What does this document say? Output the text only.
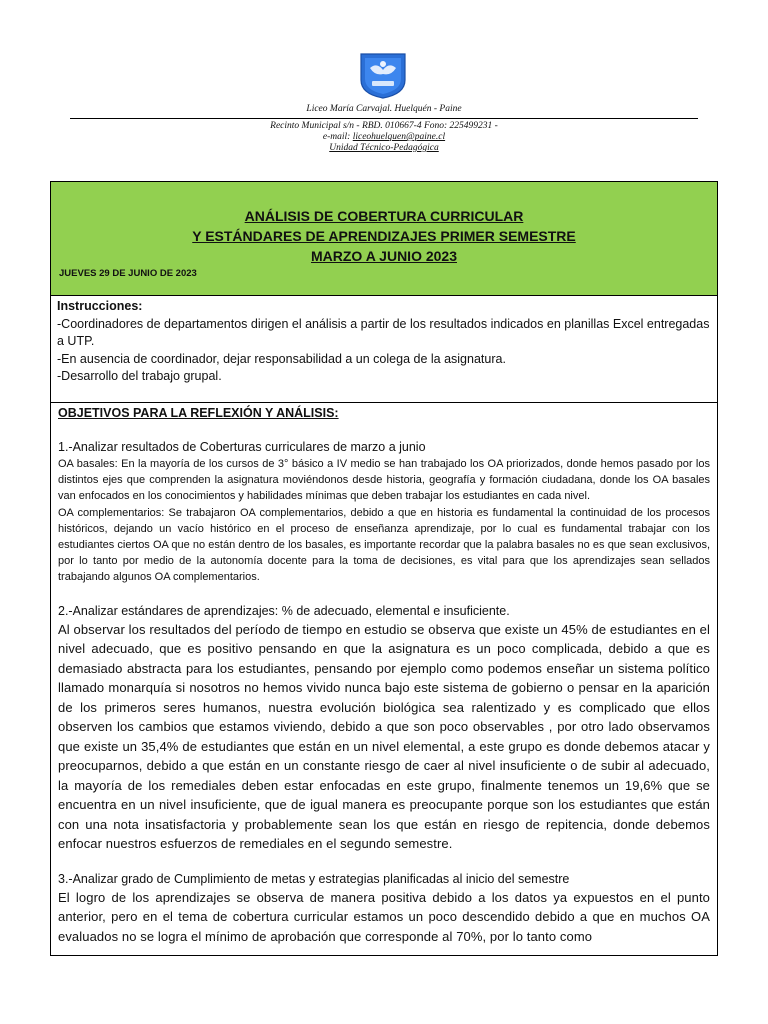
Liceo María Carvajal. Huelquén - Paine
Recinto Municipal s/n - RBD. 010667-4 Fono: 225499231 -
e-mail: liceohuelquen@paine.cl
Unidad Técnico-Pedagógica
ANÁLISIS DE COBERTURA CURRICULAR
Y ESTÁNDARES DE APRENDIZAJES PRIMER SEMESTRE
MARZO A JUNIO 2023
JUEVES 29 DE JUNIO DE 2023
Instrucciones:
-Coordinadores de departamentos dirigen el análisis a partir de los resultados indicados en planillas Excel entregadas a UTP.
-En ausencia de coordinador, dejar responsabilidad a un colega de la asignatura.
-Desarrollo del trabajo grupal.
OBJETIVOS PARA LA REFLEXIÓN Y ANÁLISIS:
1.-Analizar resultados de Coberturas curriculares de marzo a junio
OA basales: En la mayoría de los cursos de 3° básico a IV medio se han trabajado los OA priorizados, donde hemos pasado por los distintos ejes que comprenden la asignatura moviéndonos desde historia, geografía y formación ciudadana, donde los OA basales van enfocados en los conocimientos y habilidades mínimas que deben trabajar los estudiantes en cada nivel.
OA complementarios: Se trabajaron OA complementarios, debido a que en historia es fundamental la continuidad de los procesos históricos, dejando un vacío histórico en el proceso de enseñanza aprendizaje, por lo cual es fundamental trabajar con los estudiantes ciertos OA que no están dentro de los basales, es importante recordar que la palabra basales no es que sean exclusivos, por lo tanto por medio de la autonomía docente para la toma de decisiones, es vital para que los aprendizajes sean sellados trabajando algunos OA complementarios.
2.-Analizar estándares de aprendizajes: % de adecuado, elemental e insuficiente.
Al observar los resultados del período de tiempo en estudio se observa que existe un 45% de estudiantes en el nivel adecuado, que es positivo pensando en que la asignatura es un poco complicada, debido a que es demasiado abstracta para los estudiantes, pensando por ejemplo como podemos enseñar un sistema político llamado monarquía si nosotros no hemos vivido nunca bajo este sistema de gobierno o pensar en la aparición de los primeros seres humanos, nuestra evolución biológica sea ralentizado y es complicado que ellos observen los cambios que estamos viviendo, debido a que son poco observables , por otro lado observamos que existe un 35,4% de estudiantes que están en un nivel elemental, a este grupo es donde debemos atacar y preocuparnos, debido a que están en un constante riesgo de caer al nivel insuficiente o de subir al adecuado, la mayoría de los remediales deben estar enfocadas en este grupo, finalmente tenemos un 19,6% que se encuentra en un nivel insuficiente, que de igual manera es preocupante porque son los estudiantes que están con una nota insatisfactoria y probablemente sean los que están en riesgo de repitencia, donde debemos enfocar nuestros esfuerzos de remediales en el segundo semestre.
3.-Analizar grado de Cumplimiento de metas y estrategias planificadas al inicio del semestre
El logro de los aprendizajes se observa de manera positiva debido a los datos ya expuestos en el punto anterior, pero en el tema de cobertura curricular estamos un poco descendido debido a que en muchos OA evaluados no se logra el mínimo de aprobación que corresponde al 70%, por lo tanto como
